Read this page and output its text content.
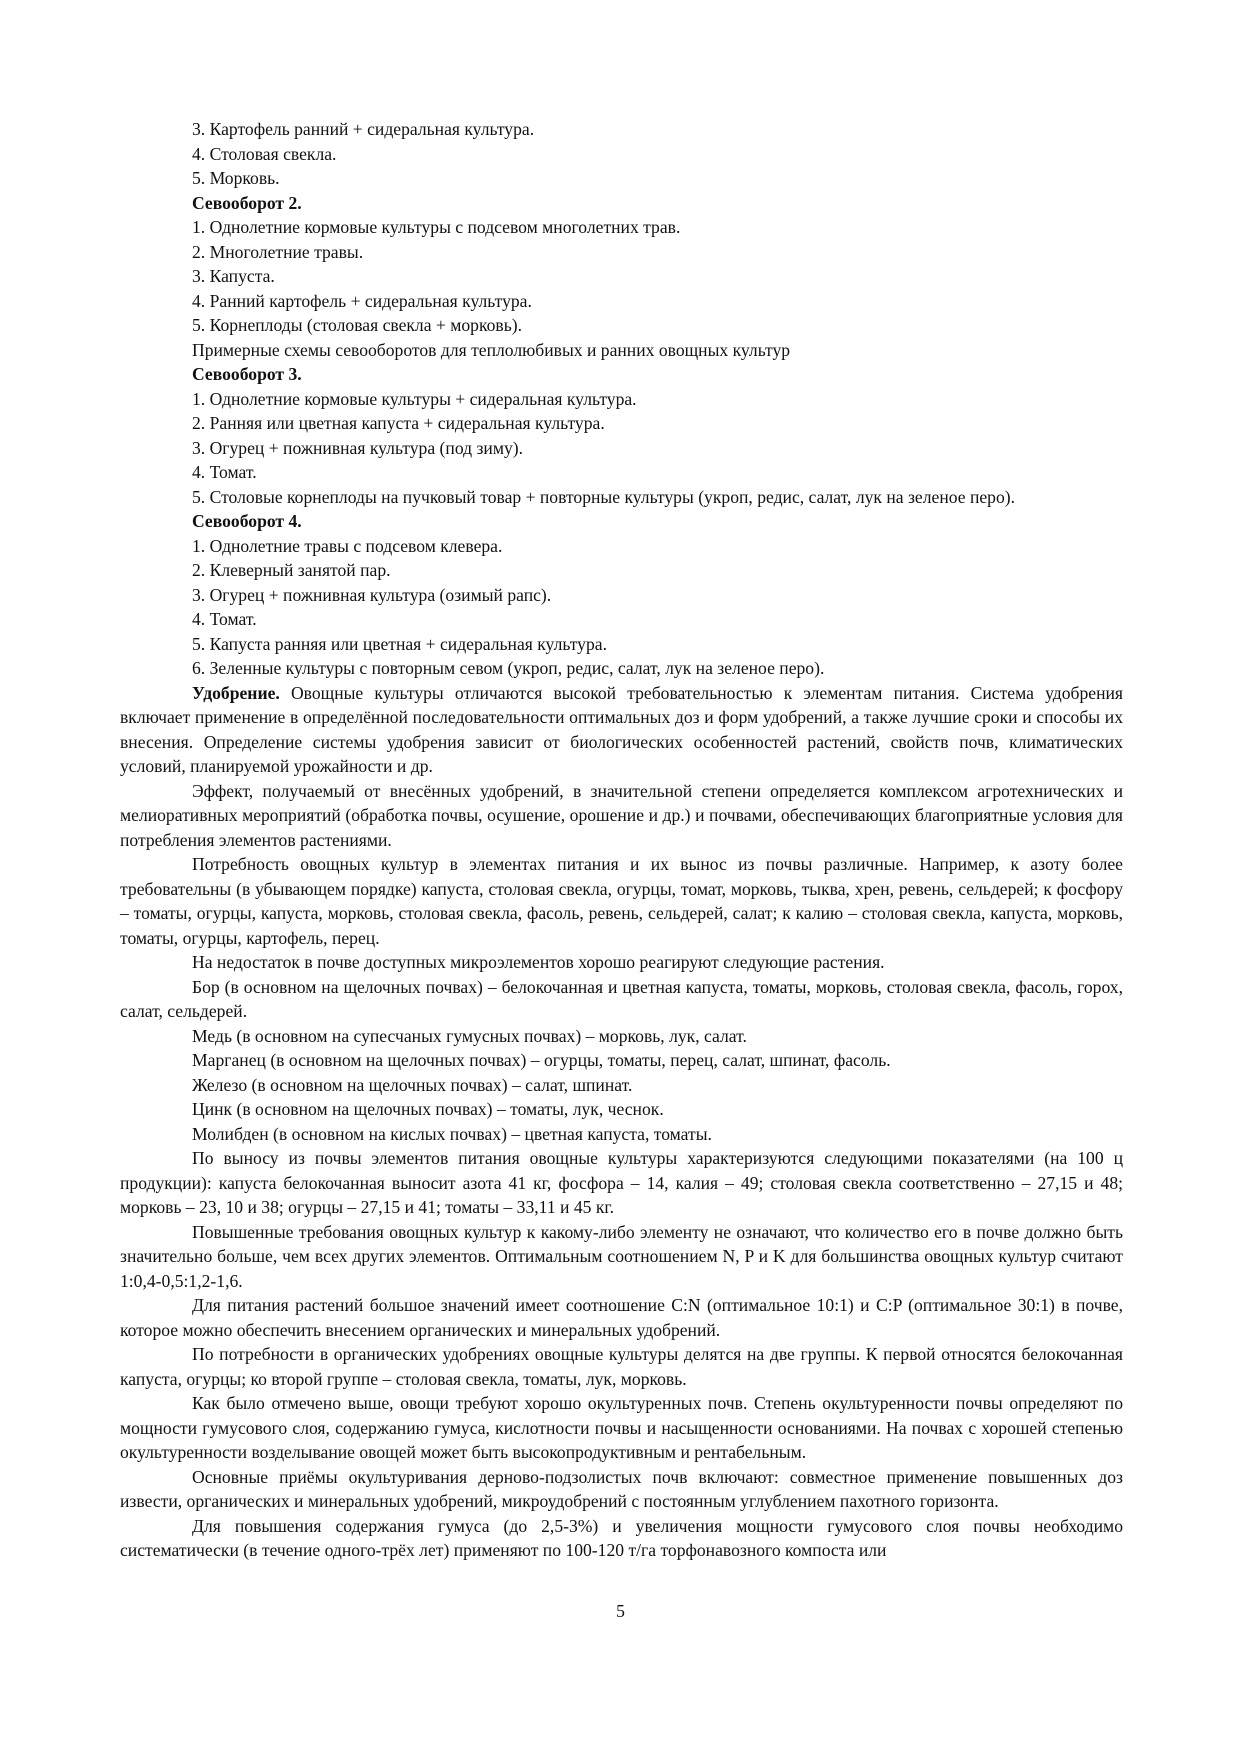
3. Картофель ранний + сидеральная культура.

4. Столовая свекла.

5. Морковь.

Севооборот 2.

1. Однолетние кормовые культуры с подсевом многолетних трав.

2. Многолетние травы.

3. Капуста.

4. Ранний картофель + сидеральная культура.

5. Корнеплоды (столовая свекла + морковь).

Примерные схемы севооборотов для теплолюбивых и ранних овощных культур

Севооборот 3.

1. Однолетние кормовые культуры + сидеральная культура.

2. Ранняя или цветная капуста + сидеральная культура.

3. Огурец + пожнивная культура (под зиму).

4. Томат.

5. Столовые корнеплоды на пучковый товар + повторные культуры (укроп, редис, салат, лук на зеленое перо).

Севооборот 4.

1. Однолетние травы с подсевом клевера.

2. Клеверный занятой пар.

3. Огурец + пожнивная культура (озимый рапс).

4. Томат.

5. Капуста ранняя или цветная + сидеральная культура.

6. Зеленные культуры с повторным севом (укроп, редис, салат, лук на зеленое перо).

Удобрение. Овощные культуры отличаются высокой требовательностью к элементам питания. Система удобрения включает применение в определённой последовательности оптимальных доз и форм удобрений, а также лучшие сроки и способы их внесения. Определение системы удобрения зависит от биологических особенностей растений, свойств почв, климатических условий, планируемой урожайности и др.

Эффект, получаемый от внесённых удобрений, в значительной степени определяется комплексом агротехнических и мелиоративных мероприятий (обработка почвы, осушение, орошение и др.) и почвами, обеспечивающих благоприятные условия для потребления элементов растениями.

Потребность овощных культур в элементах питания и их вынос из почвы различные. Например, к азоту более требовательны (в убывающем порядке) капуста, столовая свекла, огурцы, томат, морковь, тыква, хрен, ревень, сельдерей; к фосфору – томаты, огурцы, капуста, морковь, столовая свекла, фасоль, ревень, сельдерей, салат; к калию – столовая свекла, капуста, морковь, томаты, огурцы, картофель, перец.

На недостаток в почве доступных микроэлементов хорошо реагируют следующие растения.

Бор (в основном на щелочных почвах) – белокочанная и цветная капуста, томаты, морковь, столовая свекла, фасоль, горох, салат, сельдерей.

Медь (в основном на супесчаных гумусных почвах) – морковь, лук, салат.

Марганец (в основном на щелочных почвах) – огурцы, томаты, перец, салат, шпинат, фасоль.

Железо (в основном на щелочных почвах) – салат, шпинат.

Цинк (в основном на щелочных почвах) – томаты, лук, чеснок.

Молибден (в основном на кислых почвах) – цветная капуста, томаты.

По выносу из почвы элементов питания овощные культуры характеризуются следующими показателями (на 100 ц продукции): капуста белокочанная выносит азота 41 кг, фосфора – 14, калия – 49; столовая свекла соответственно – 27,15 и 48; морковь – 23, 10 и 38; огурцы – 27,15 и 41; томаты – 33,11 и 45 кг.

Повышенные требования овощных культур к какому-либо элементу не означают, что количество его в почве должно быть значительно больше, чем всех других элементов. Оптимальным соотношением N, P и K для большинства овощных культур считают 1:0,4-0,5:1,2-1,6.

Для питания растений большое значений имеет соотношение C:N (оптимальное 10:1) и C:P (оптимальное 30:1) в почве, которое можно обеспечить внесением органических и минеральных удобрений.

По потребности в органических удобрениях овощные культуры делятся на две группы. К первой относятся белокочанная капуста, огурцы; ко второй группе – столовая свекла, томаты, лук, морковь.

Как было отмечено выше, овощи требуют хорошо окультуренных почв. Степень окультуренности почвы определяют по мощности гумусового слоя, содержанию гумуса, кислотности почвы и насыщенности основаниями. На почвах с хорошей степенью окультуренности возделывание овощей может быть высокопродуктивным и рентабельным.

Основные приёмы окультуривания дерново-подзолистых почв включают: совместное применение повышенных доз извести, органических и минеральных удобрений, микроудобрений с постоянным углублением пахотного горизонта.

Для повышения содержания гумуса (до 2,5-3%) и увеличения мощности гумусового слоя почвы необходимо систематически (в течение одного-трёх лет) применяют по 100-120 т/га торфонавозного компоста или

5
